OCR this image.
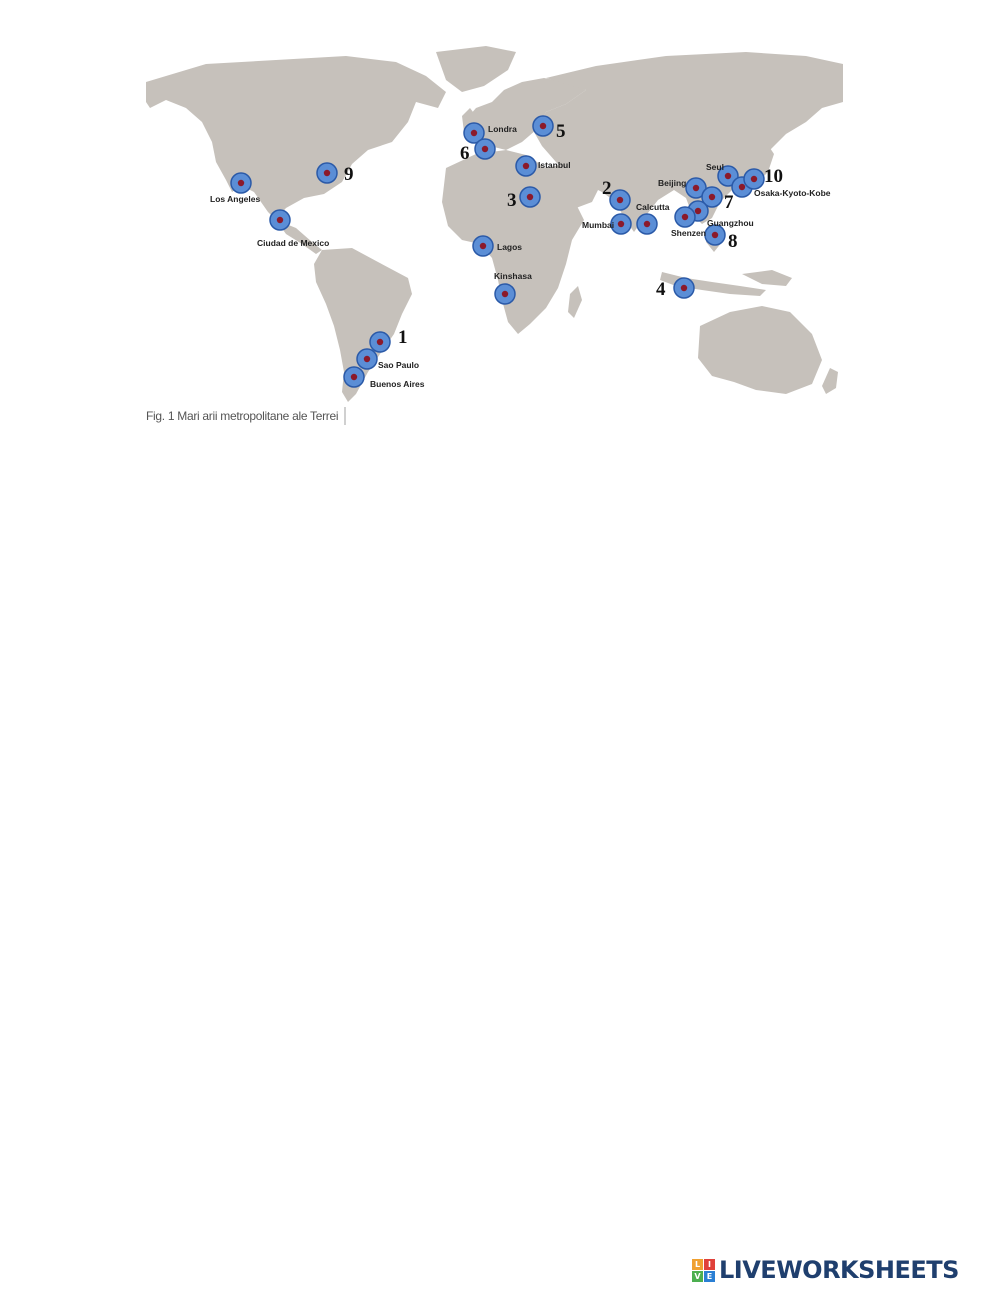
Los Angeles
Ciudad de Mexico
Sao Paulo
Buenos Aires
Londra
Istanbul
Lagos
Kinshasa
Mumbai
Calcutta
Beijing
Guangzhou
Shenzen
Seul
Osaka-Kyoto-Kobe
1
2
3
4
5
6
7
8
9	10
Fig. 1 Mari arii metropolitane ale Terrei
L I
V E LIVEWORKSHEETS
